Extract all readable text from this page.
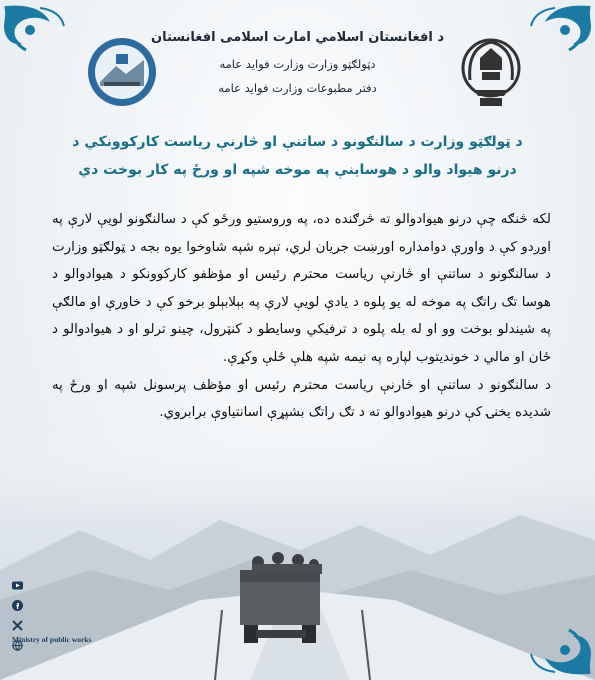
د افغانستان اسلامي امارت اسلامی افغانستان
دټولګټو وزارت وزارت فواید عامه
دفتر مطبوعات وزارت فواید عامه
د ټولګټو وزارت د سالنګونو د ساتنې او څارنې ریاست کارکوونکي د
درنو هیواد والو د هوساینې په موخه شپه او ورځ په کار بوخت دي

لکه څنګه چې درنو هیوادوالو ته څرګنده ده، په وروستیو ورځو کې د سالنګونو لویې لارې په اوږدو کې د واورې دوامداره اورښت جریان لري، تېره شپه شاوخوا یوه بجه د ټولګټو وزارت د سالنګونو د ساتنې او څارنې ریاست محترم رئیس او مؤظفو کارکوونکو د هیوادوالو د هوسا تګ راتګ په موخه له یو پلوه د یادې لویې لارې په بېلابېلو برخو کې د خاورې او مالګې په شیندلو بوخت وو او له بله پلوه د ترفیکي وسایطو د کنټرول، چینو ترلو او د هیوادوالو د ځان او مالي د خوندیتوب لپاره په نیمه شپه هلې ځلې وکړې.

د سالنګونو د ساتنې او څارنې ریاست محترم رئیس او مؤظف پرسونل شپه او ورځ په شدیده یخنۍ کې درنو هیوادوالو ته د تګ راتګ بشپړې اسانتیاوې برابروي.

Ministry of public works
